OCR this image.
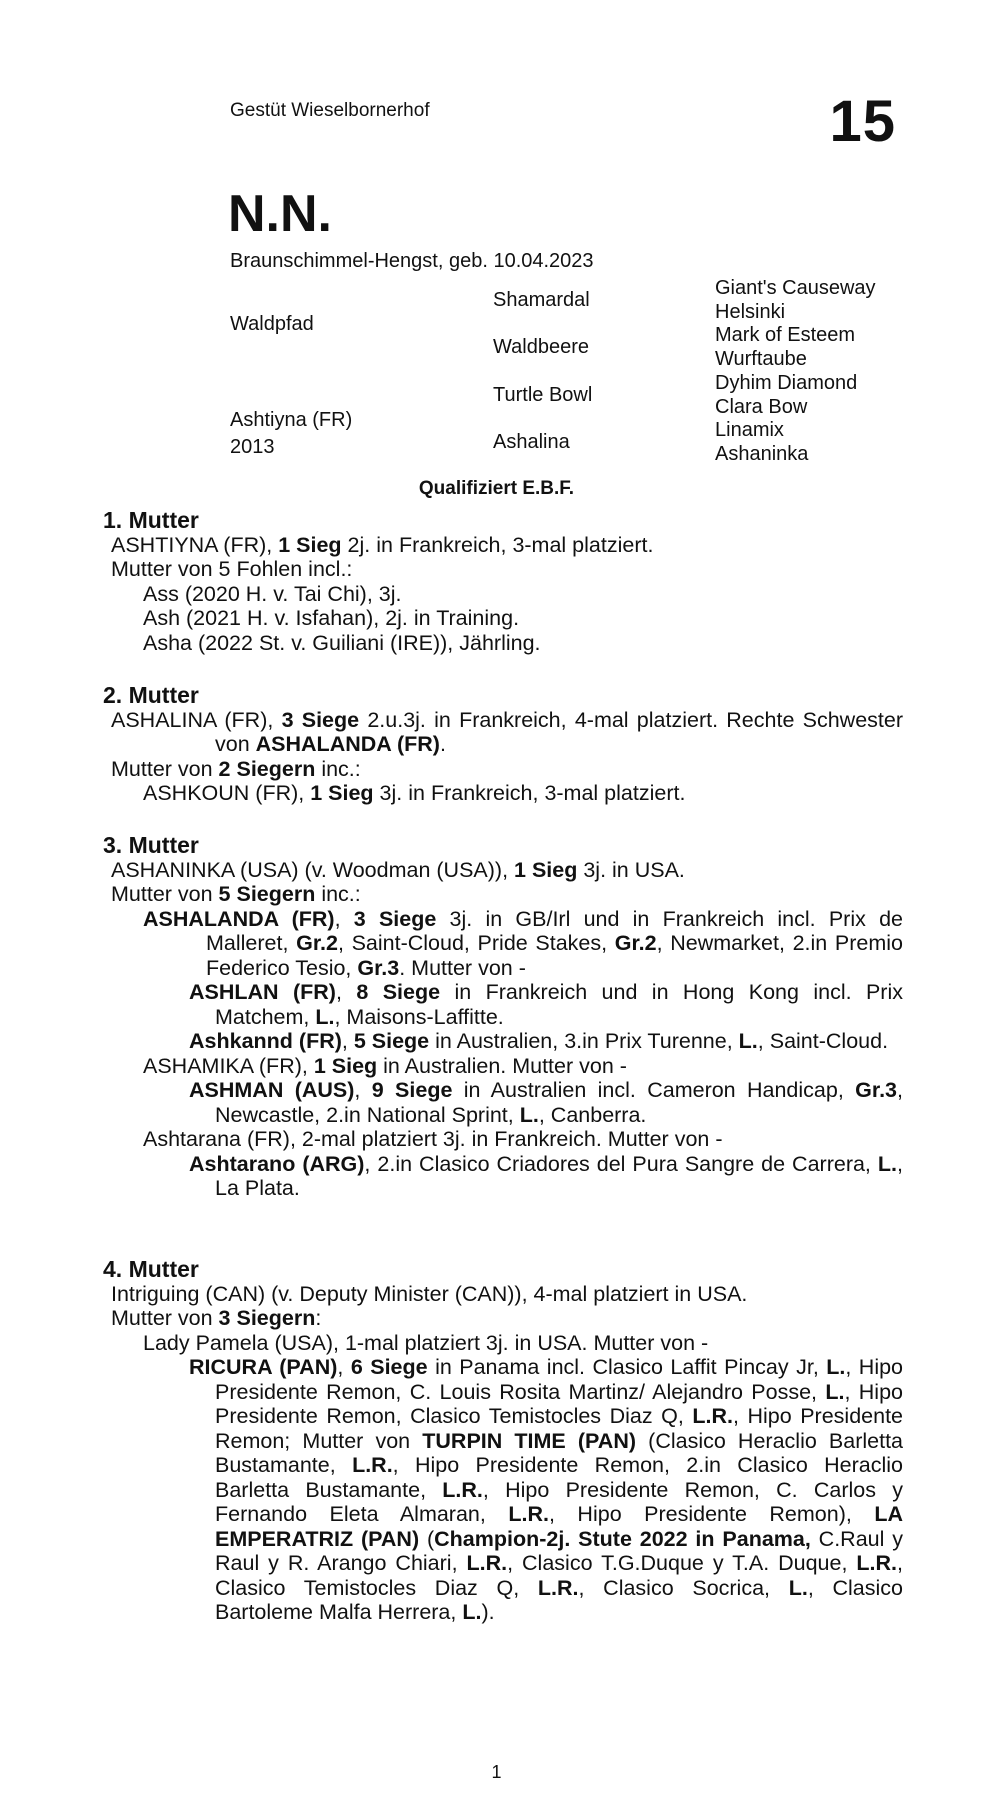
Gestüt Wieselbornerhof	15
N.N.
Braunschimmel-Hengst, geb. 10.04.2023
Waldpfad
Ashtiyna (FR)
2013
Shamardal
Waldbeere
Turtle Bowl
Ashalina
Giant's Causeway
Helsinki
Mark of Esteem
Wurftaube
Dyhim Diamond
Clara Bow
Linamix
Ashaninka
Qualifiziert E.B.F.
1. Mutter
ASHTIYNA (FR), 1 Sieg 2j. in Frankreich, 3-mal platziert.
Mutter von 5 Fohlen incl.:
Ass (2020 H. v. Tai Chi), 3j.
Ash (2021 H. v. Isfahan), 2j. in Training.
Asha (2022 St. v. Guiliani (IRE)), Jährling.
2. Mutter
ASHALINA (FR), 3 Siege 2.u.3j. in Frankreich, 4-mal platziert. Rechte Schwester von ASHALANDA (FR).
Mutter von 2 Siegern inc.:
ASHKOUN (FR), 1 Sieg 3j. in Frankreich, 3-mal platziert.
3. Mutter
ASHANINKA (USA) (v. Woodman (USA)), 1 Sieg 3j. in USA.
Mutter von 5 Siegern inc.:
ASHALANDA (FR), 3 Siege 3j. in GB/Irl und in Frankreich incl. Prix de Malleret, Gr.2, Saint-Cloud, Pride Stakes, Gr.2, Newmarket, 2.in Premio Federico Tesio, Gr.3. Mutter von -
ASHLAN (FR), 8 Siege in Frankreich und in Hong Kong incl. Prix Matchem, L., Maisons-Laffitte.
Ashkannd (FR), 5 Siege in Australien, 3.in Prix Turenne, L., Saint-Cloud.
ASHAMIKA (FR), 1 Sieg in Australien. Mutter von -
ASHMAN (AUS), 9 Siege in Australien incl. Cameron Handicap, Gr.3, Newcastle, 2.in National Sprint, L., Canberra.
Ashtarana (FR), 2-mal platziert 3j. in Frankreich. Mutter von -
Ashtarano (ARG), 2.in Clasico Criadores del Pura Sangre de Carrera, L., La Plata.
4. Mutter
Intriguing (CAN) (v. Deputy Minister (CAN)), 4-mal platziert in USA.
Mutter von 3 Siegern:
Lady Pamela (USA), 1-mal platziert 3j. in USA. Mutter von -
RICURA (PAN), 6 Siege in Panama incl. Clasico Laffit Pincay Jr, L., Hipo Presidente Remon, C. Louis Rosita Martinz/ Alejandro Posse, L., Hipo Presidente Remon, Clasico Temistocles Diaz Q, L.R., Hipo Presidente Remon; Mutter von TURPIN TIME (PAN) (Clasico Heraclio Barletta Bustamante, L.R., Hipo Presidente Remon, 2.in Clasico Heraclio Barletta Bustamante, L.R., Hipo Presidente Remon, C. Carlos y Fernando Eleta Almaran, L.R., Hipo Presidente Remon), LA EMPERATRIZ (PAN) (Champion-2j. Stute 2022 in Panama, C.Raul y Raul y R. Arango Chiari, L.R., Clasico T.G.Duque y T.A. Duque, L.R., Clasico Temistocles Diaz Q, L.R., Clasico Socrica, L., Clasico Bartoleme Malfa Herrera, L.).
1
